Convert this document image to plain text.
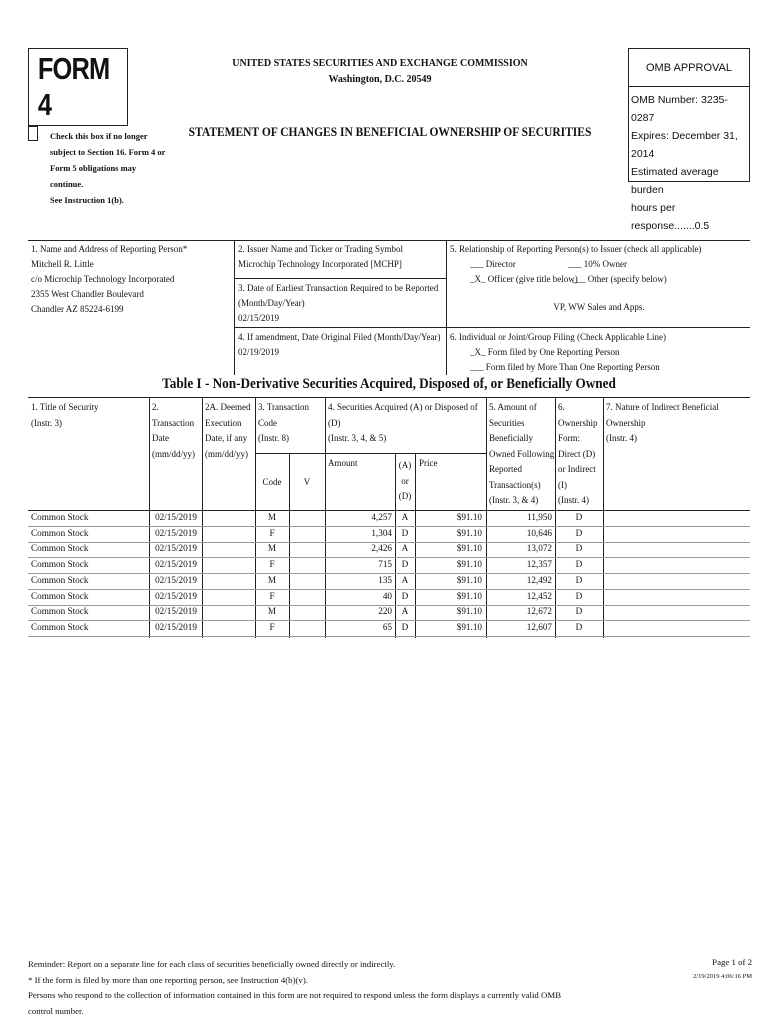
FORM 4
UNITED STATES SECURITIES AND EXCHANGE COMMISSION
Washington, D.C. 20549
STATEMENT OF CHANGES IN BENEFICIAL OWNERSHIP OF SECURITIES
OMB APPROVAL
OMB Number: 3235-0287
Expires: December 31, 2014
Estimated average burden
hours per response.......0.5
Check this box if no longer
subject to Section 16. Form 4 or
Form 5 obligations may continue.
See Instruction 1(b).
1. Name and Address of Reporting Person*
Mitchell R. Little
c/o Microchip Technology Incorporated
2355 West Chandler Boulevard
Chandler AZ 85224-6199
2. Issuer Name and Ticker or Trading Symbol
Microchip Technology Incorporated [MCHP]
3. Date of Earliest Transaction Required to be Reported
(Month/Day/Year)
02/15/2019
4. If amendment, Date Original Filed (Month/Day/Year)
02/19/2019
5. Relationship of Reporting Person(s) to Issuer (check all applicable)
___ Director	___ 10% Owner
_X_ Officer (give title below)
___ Other (specify below)
VP, WW Sales and Apps.
6. Individual or Joint/Group Filing (Check Applicable Line)
_X_ Form filed by One Reporting Person
___ Form filed by More Than One Reporting Person
Table I - Non-Derivative Securities Acquired, Disposed of, or Beneficially Owned
1. Title of Security
(Instr. 3)
2.
Transaction
Date
(mm/dd/yy)
2A. Deemed
Execution
Date, if any
(mm/dd/yy)
3. Transaction
Code
(Instr. 8)
Code	V
4. Securities Acquired (A) or Disposed of (D)
(Instr. 3, 4, & 5)
Amount	(A)
or
(D)
Price
5. Amount of
Securities
Beneficially
Owned Following
Reported
Transaction(s)
(Instr. 3, & 4)
6.
Ownership
Form:
Direct (D)
or Indirect (I)
(Instr. 4)
7. Nature of Indirect Beneficial
Ownership
(Instr. 4)
Common Stock	02/15/2019	M	4,257	A	$91.10	11,950	D
Common Stock	02/15/2019	F	1,304	D	$91.10	10,646	D
Common Stock	02/15/2019	M	2,426	A	$91.10	13,072	D
Common Stock	02/15/2019	F	715	D	$91.10	12,357	D
Common Stock	02/15/2019	M	135	A	$91.10	12,492	D
Common Stock	02/15/2019	F	40	D	$91.10	12,452	D
Common Stock	02/15/2019	M	220	A	$91.10	12,672	D
Common Stock	02/15/2019	F	65	D	$91.10	12,607	D
Reminder: Report on a separate line for each class of securities beneficially owned directly or indirectly.
* If the form is filed by more than one reporting person, see Instruction 4(b)(v).
Persons who respond to the collection of information contained in this form are not required to respond unless the form displays a currently valid OMB control number.
Page 1 of 2
2/19/2019 4:06:16 PM
